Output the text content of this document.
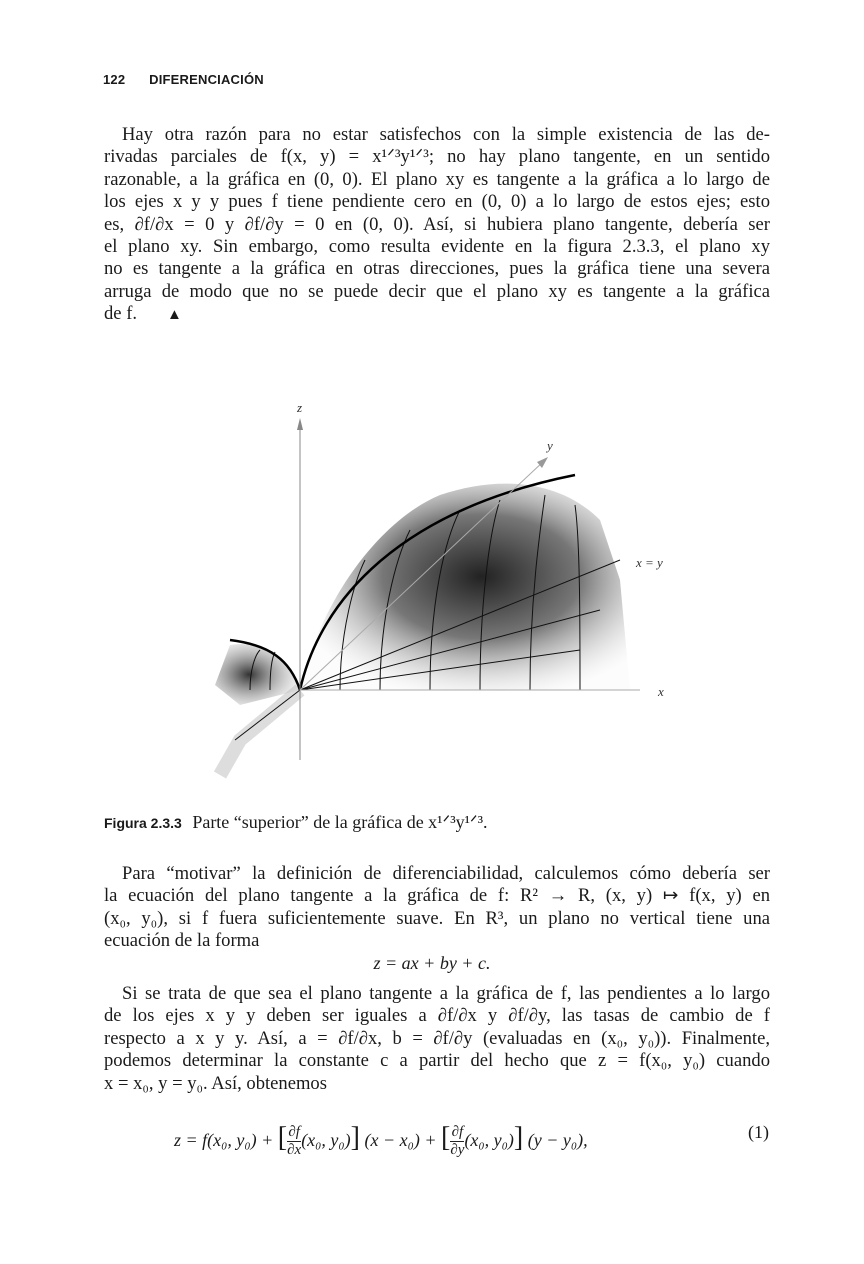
122 DIFERENCIACIÓN
Hay otra razón para no estar satisfechos con la simple existencia de las de-
rivadas parciales de f(x, y) = x¹ᐟ³y¹ᐟ³; no hay plano tangente, en un sentido
razonable, a la gráfica en (0, 0). El plano xy es tangente a la gráfica a lo largo de
los ejes x y y pues f tiene pendiente cero en (0, 0) a lo largo de estos ejes; esto
es, ∂f/∂x = 0 y ∂f/∂y = 0 en (0, 0). Así, si hubiera plano tangente, debería ser
el plano xy. Sin embargo, como resulta evidente en la figura 2.3.3, el plano xy
no es tangente a la gráfica en otras direcciones, pues la gráfica tiene una severa
arruga de modo que no se puede decir que el plano xy es tangente a la gráfica
de f. ▲
z
y
x
x = y
Figura 2.3.3 Parte “superior” de la gráfica de x¹ᐟ³y¹ᐟ³.
Para “motivar” la definición de diferenciabilidad, calculemos cómo debería ser
la ecuación del plano tangente a la gráfica de f: R² → R, (x, y) ↦ f(x, y) en
(x₀, y₀), si f fuera suficientemente suave. En R³, un plano no vertical tiene una
ecuación de la forma
z = ax + by + c.
Si se trata de que sea el plano tangente a la gráfica de f, las pendientes a lo largo
de los ejes x y y deben ser iguales a ∂f/∂x y ∂f/∂y, las tasas de cambio de f
respecto a x y y. Así, a = ∂f/∂x, b = ∂f/∂y (evaluadas en (x₀, y₀)). Finalmente,
podemos determinar la constante c a partir del hecho que z = f(x₀, y₀) cuando
x = x₀, y = y₀. Así, obtenemos
z = f(x₀, y₀) + [ $\frac{\partial f}{\partial x} (x_0$, y₀)] (x − x₀) + [ $\frac{\partial f}{\partial y} (x_0$, y₀)] (y − y₀),	(1)
